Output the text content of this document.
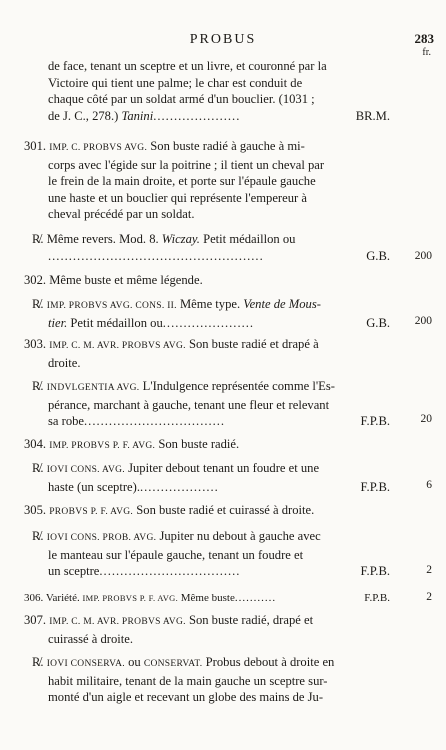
PROBUS	283
fr.
de face, tenant un sceptre et un livre, et couronné par la
Victoire qui tient une palme; le char est conduit de
chaque côté par un soldat armé d'un bouclier. (1031 ;
de J. C., 278.) Tanini.....................	BR.M.
301. IMP. C. PROBVS AVG. Son buste radié à gauche à mi-
corps avec l'égide sur la poitrine ; il tient un cheval par
le frein de la main droite, et porte sur l'épaule gauche
une haste et un bouclier qui représente l'empereur à
cheval précédé par un soldat.
R̸. Même revers. Mod. 8. Wiczay. Petit médaillon ou
....................................................	G.B. 200
302. Même buste et même légende.
R̸. IMP. PROBVS AVG. CONS. II. Même type. Vente de Mous-
tier. Petit médaillon ou......................	G.B. 200
303. IMP. C. M. AVR. PROBVS AVG. Son buste radié et drapé à
droite.
R̸. INDVLGENTIA AVG. L'Indulgence représentée comme l'Es-
pérance, marchant à gauche, tenant une fleur et relevant
sa robe..................................	F.P.B.	20
304. IMP. PROBVS P. F. AVG. Son buste radié.
R̸. IOVI CONS. AVG. Jupiter debout tenant un foudre et une
haste (un sceptre)....................	F.P.B.	6
305. PROBVS P. F. AVG. Son buste radié et cuirassé à droite.
R̸. IOVI CONS. PROB. AVG. Jupiter nu debout à gauche avec
le manteau sur l'épaule gauche, tenant un foudre et
un sceptre..................................	F.P.B.	2
306. Variété. IMP. PROBVS P. F. AVG. Même buste...........	F.P.B.	2
307. IMP. C. M. AVR. PROBVS AVG. Son buste radié, drapé et
cuirassé à droite.
R̸. IOVI CONSERVA. ou CONSERVAT. Probus debout à droite en
habit militaire, tenant de la main gauche un sceptre sur-
monté d'un aigle et recevant un globe des mains de Ju-
